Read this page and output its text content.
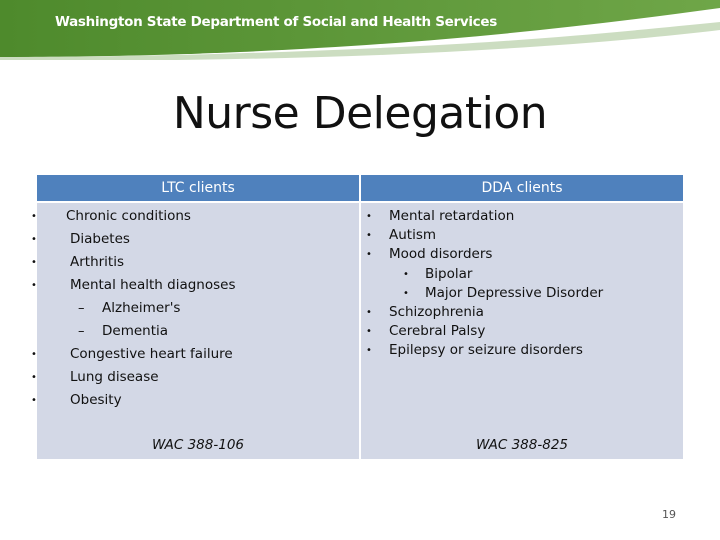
Washington State Department of Social and Health Services
Nurse Delegation
LTC clients
• Chronic conditions
• Diabetes
• Arthritis
• Mental health diagnoses
– Alzheimer's
– Dementia
• Congestive heart failure
• Lung disease
• Obesity
WAC 388-106
DDA clients
• Mental retardation
• Autism
• Mood disorders
• Bipolar
• Major Depressive Disorder
• Schizophrenia
• Cerebral Palsy
• Epilepsy or seizure disorders
WAC 388-825
19
